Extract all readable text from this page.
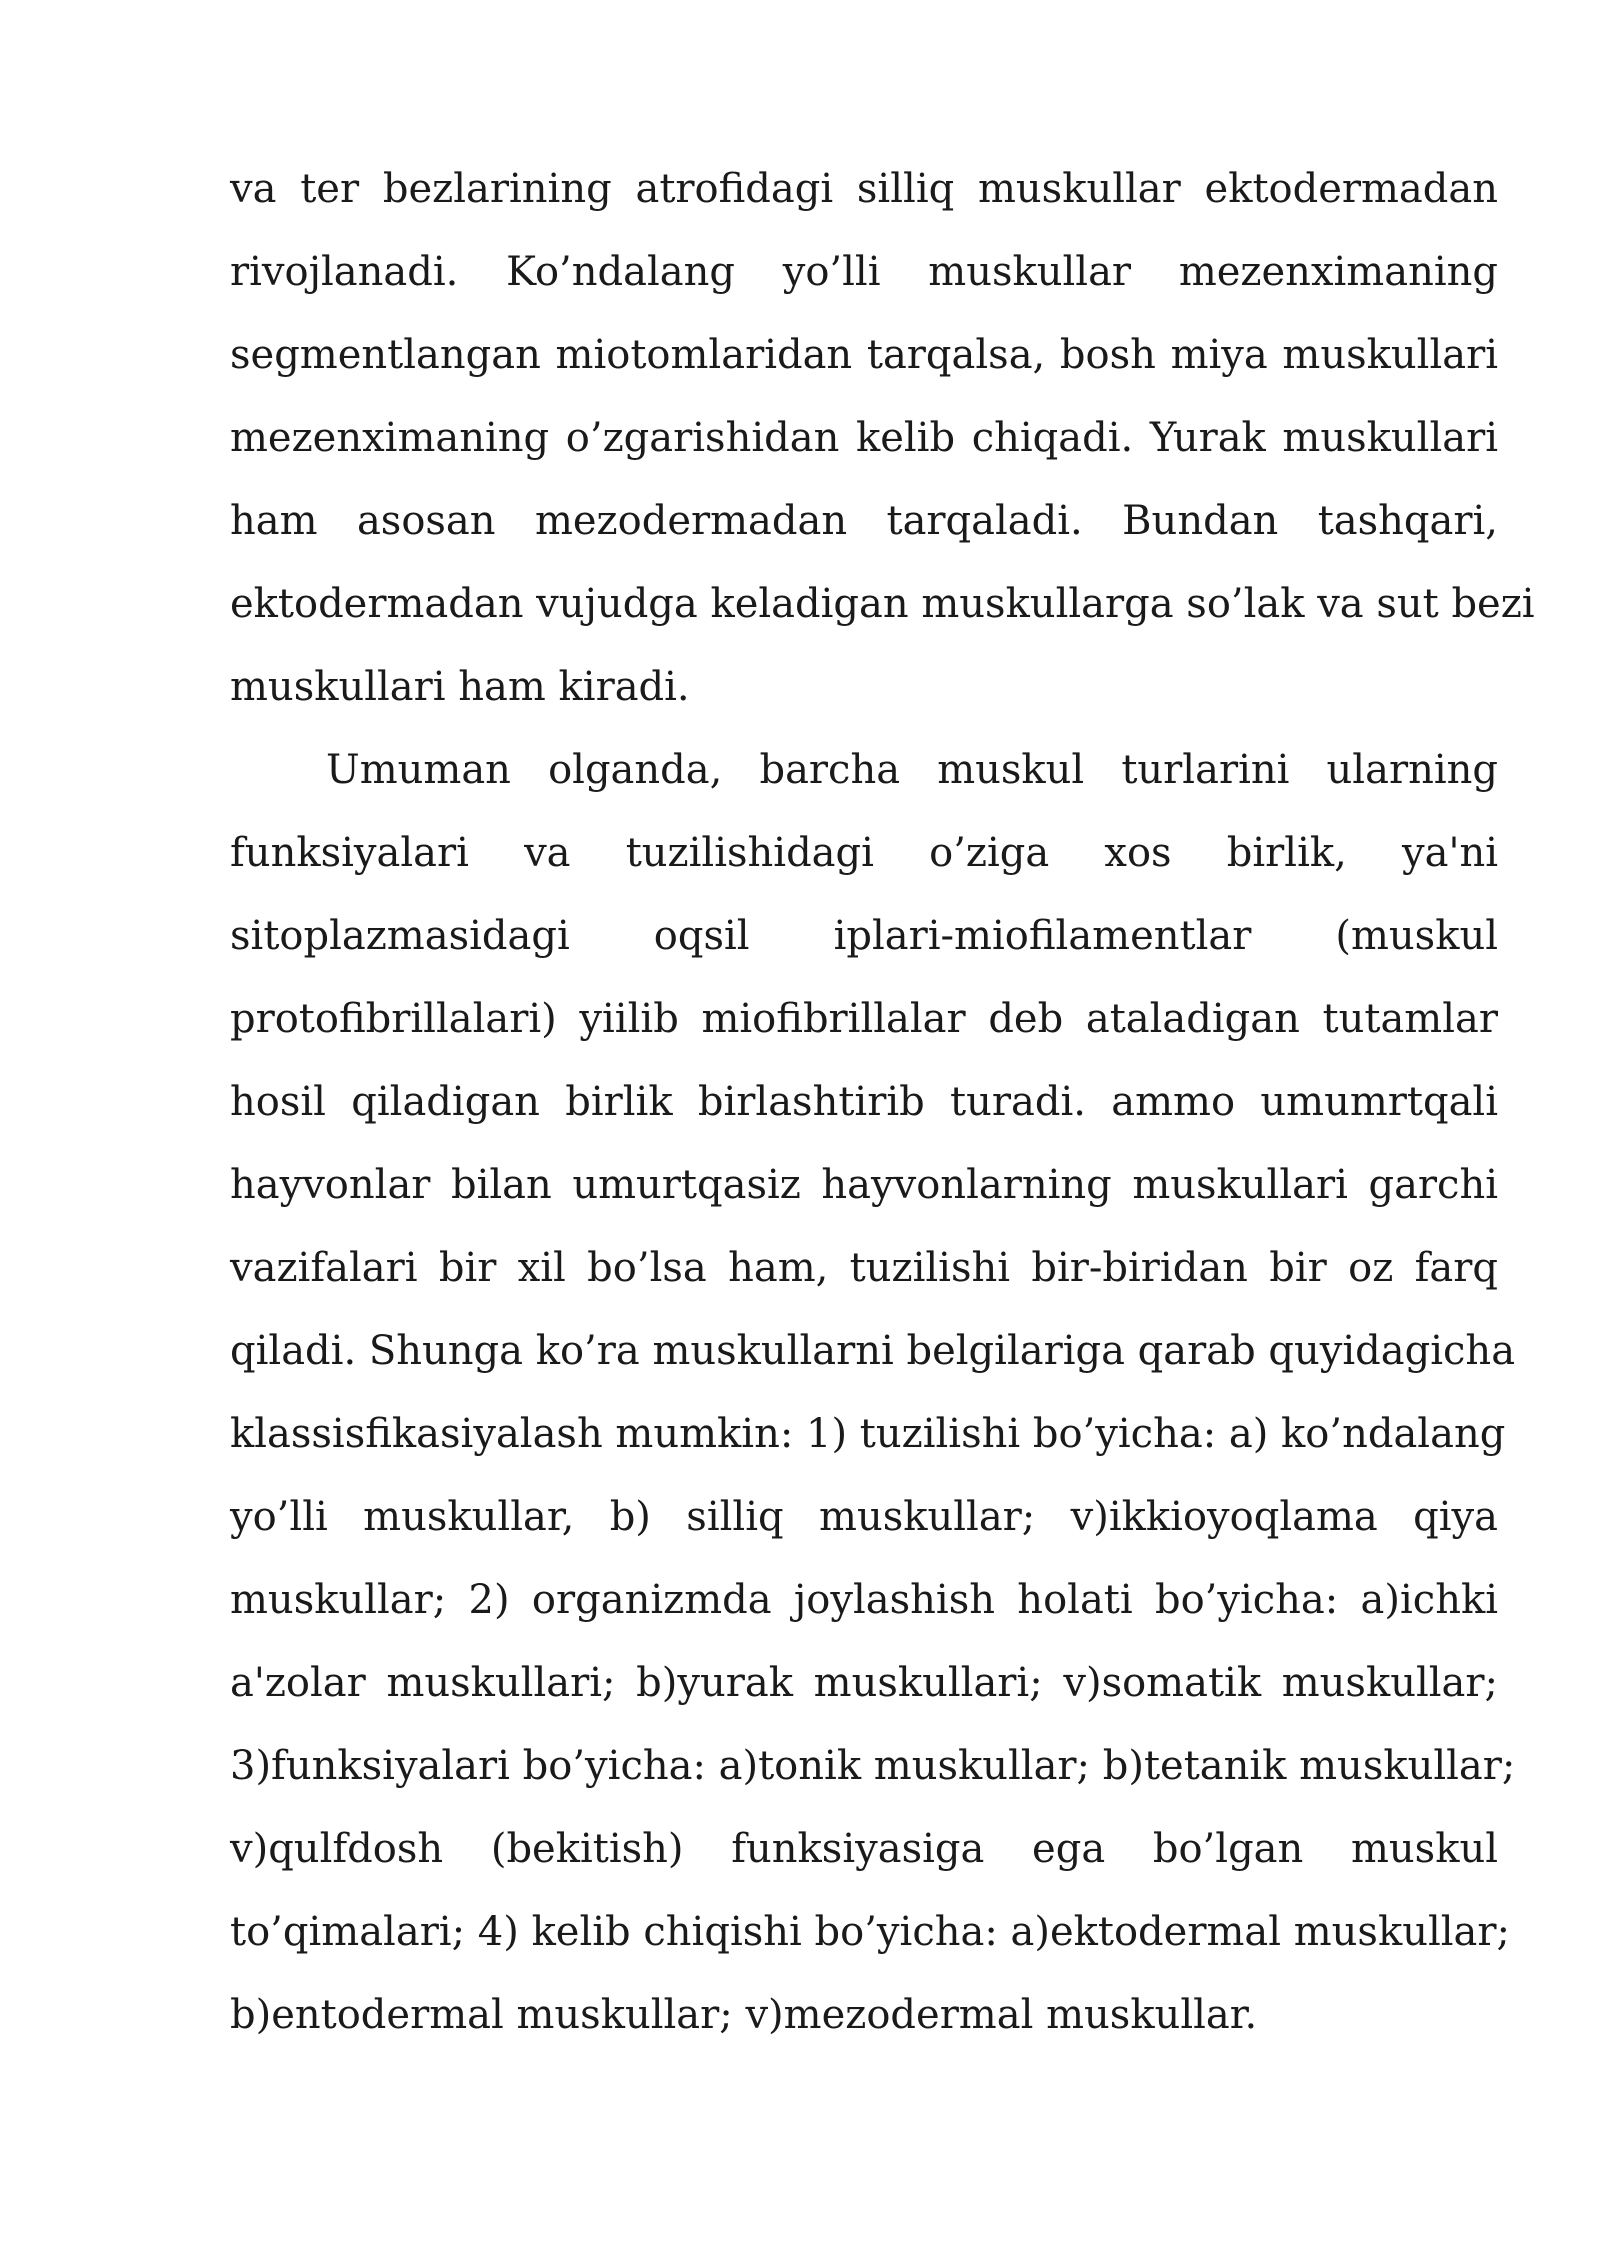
va ter bezlarining atrofidagi silliq muskullar ektodermadan
rivojlanadi. Ko’ndalang yo’lli muskullar mezenximaning
segmentlangan miotomlaridan tarqalsa, bosh miya muskullari
mezenximaning o’zgarishidan kelib chiqadi. Yurak muskullari
ham asosan mezodermadan tarqaladi. Bundan tashqari,
ektodermadan vujudga keladigan muskullarga so’lak va sut bezi
muskullari ham kiradi.
Umuman olganda, barcha muskul turlarini ularning
funksiyalari va tuzilishidagi o’ziga xos birlik, ya'ni
sitoplazmasidagi oqsil iplari-miofilamentlar (muskul
protofibrillalari) yiilib miofibrillalar deb ataladigan tutamlar
hosil qiladigan birlik birlashtirib turadi. ammo umumrtqali
hayvonlar bilan umurtqasiz hayvonlarning muskullari garchi
vazifalari bir xil bo’lsa ham, tuzilishi bir-biridan bir oz farq
qiladi. Shunga ko’ra muskullarni belgilariga qarab quyidagicha
klassisfikasiyalash mumkin: 1) tuzilishi bo’yicha: a) ko’ndalang
yo’lli muskullar, b) silliq muskullar; v)ikkioyoqlama qiya
muskullar; 2) organizmda joylashish holati bo’yicha: a)ichki
a'zolar muskullari; b)yurak muskullari; v)somatik muskullar;
3)funksiyalari bo’yicha: a)tonik muskullar; b)tetanik muskullar;
v)qulfdosh (bekitish) funksiyasiga ega bo’lgan muskul
to’qimalari; 4) kelib chiqishi bo’yicha: a)ektodermal muskullar;
b)entodermal muskullar; v)mezodermal muskullar.
